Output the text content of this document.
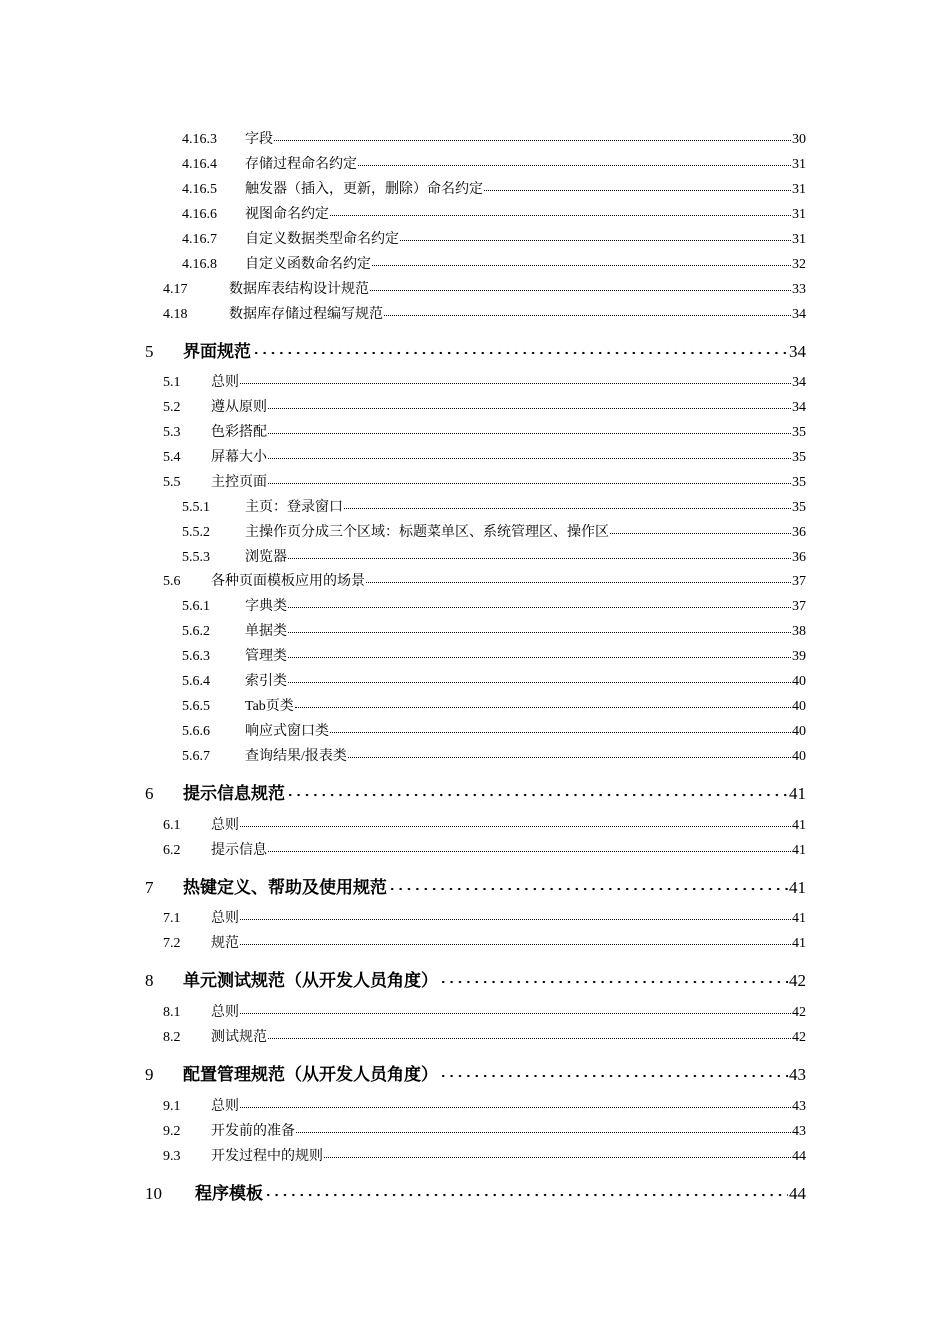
4.16.3	字段	30
4.16.4	存储过程命名约定	31
4.16.5	触发器（插入，更新，删除）命名约定	31
4.16.6	视图命名约定	31
4.16.7	自定义数据类型命名约定	31
4.16.8	自定义函数命名约定	32
4.17	数据库表结构设计规范	33
4.18	数据库存储过程编写规范	34
5	界面规范	34
5.1	总则	34
5.2	遵从原则	34
5.3	色彩搭配	35
5.4	屏幕大小	35
5.5	主控页面	35
5.5.1	主页：登录窗口	35
5.5.2	主操作页分成三个区域：标题菜单区、系统管理区、操作区	36
5.5.3	浏览器	36
5.6	各种页面模板应用的场景	37
5.6.1	字典类	37
5.6.2	单据类	38
5.6.3	管理类	39
5.6.4	索引类	40
5.6.5	Tab页类	40
5.6.6	响应式窗口类	40
5.6.7	查询结果/报表类	40
6	提示信息规范	41
6.1	总则	41
6.2	提示信息	41
7	热键定义、帮助及使用规范	41
7.1	总则	41
7.2	规范	41
8	单元测试规范（从开发人员角度）	42
8.1	总则	42
8.2	测试规范	42
9	配置管理规范（从开发人员角度）	43
9.1	总则	43
9.2	开发前的准备	43
9.3	开发过程中的规则	44
10	程序模板	44
